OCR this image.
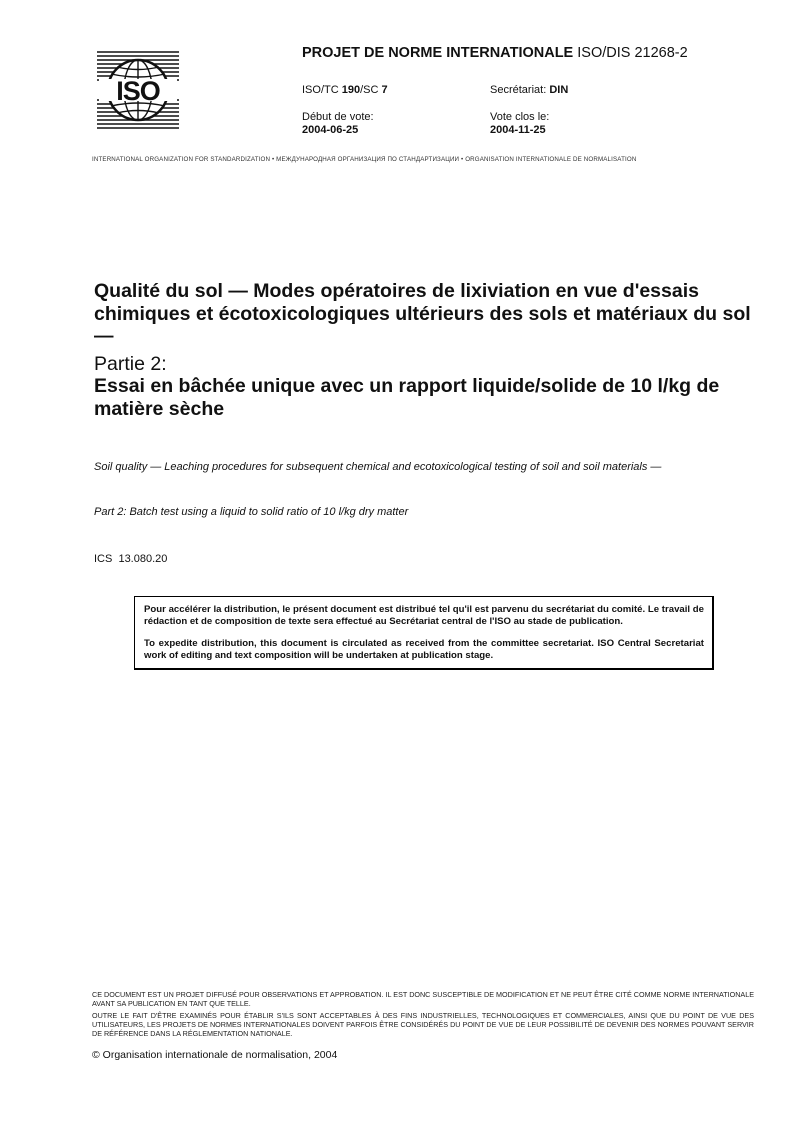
ISO
PROJET DE NORME INTERNATIONALE ISO/DIS 21268-2
ISO/TC 190/SC 7	Secrétariat: DIN
Début de vote:
2004-06-25
Vote clos le:
2004-11-25
INTERNATIONAL ORGANIZATION FOR STANDARDIZATION • МЕЖДУНАРОДНАЯ ОРГАНИЗАЦИЯ ПО СТАНДАРТИЗАЦИИ • ORGANISATION INTERNATIONALE DE NORMALISATION
Qualité du sol — Modes opératoires de lixiviation en vue d'essais chimiques et écotoxicologiques ultérieurs des sols et matériaux du sol —
Partie 2:
Essai en bâchée unique avec un rapport liquide/solide de 10 l/kg de matière sèche
Soil quality — Leaching procedures for subsequent chemical and ecotoxicological testing of soil and soil materials —
Part 2: Batch test using a liquid to solid ratio of 10 l/kg dry matter
ICS  13.080.20

Pour accélérer la distribution, le présent document est distribué tel qu'il est parvenu du secrétariat du comité. Le travail de rédaction et de composition de texte sera effectué au Secrétariat central de l'ISO au stade de publication.

To expedite distribution, this document is circulated as received from the committee secretariat. ISO Central Secretariat work of editing and text composition will be undertaken at publication stage.

CE DOCUMENT EST UN PROJET DIFFUSÉ POUR OBSERVATIONS ET APPROBATION. IL EST DONC SUSCEPTIBLE DE MODIFICATION ET NE PEUT ÊTRE CITÉ COMME NORME INTERNATIONALE AVANT SA PUBLICATION EN TANT QUE TELLE.

OUTRE LE FAIT D'ÊTRE EXAMINÉS POUR ÉTABLIR S'ILS SONT ACCEPTABLES À DES FINS INDUSTRIELLES, TECHNOLOGIQUES ET COMMERCIALES, AINSI QUE DU POINT DE VUE DES UTILISATEURS, LES PROJETS DE NORMES INTERNATIONALES DOIVENT PARFOIS ÊTRE CONSIDÉRÉS DU POINT DE VUE DE LEUR POSSIBILITÉ DE DEVENIR DES NORMES POUVANT SERVIR DE RÉFÉRENCE DANS LA RÉGLEMENTATION NATIONALE.

© Organisation internationale de normalisation, 2004
